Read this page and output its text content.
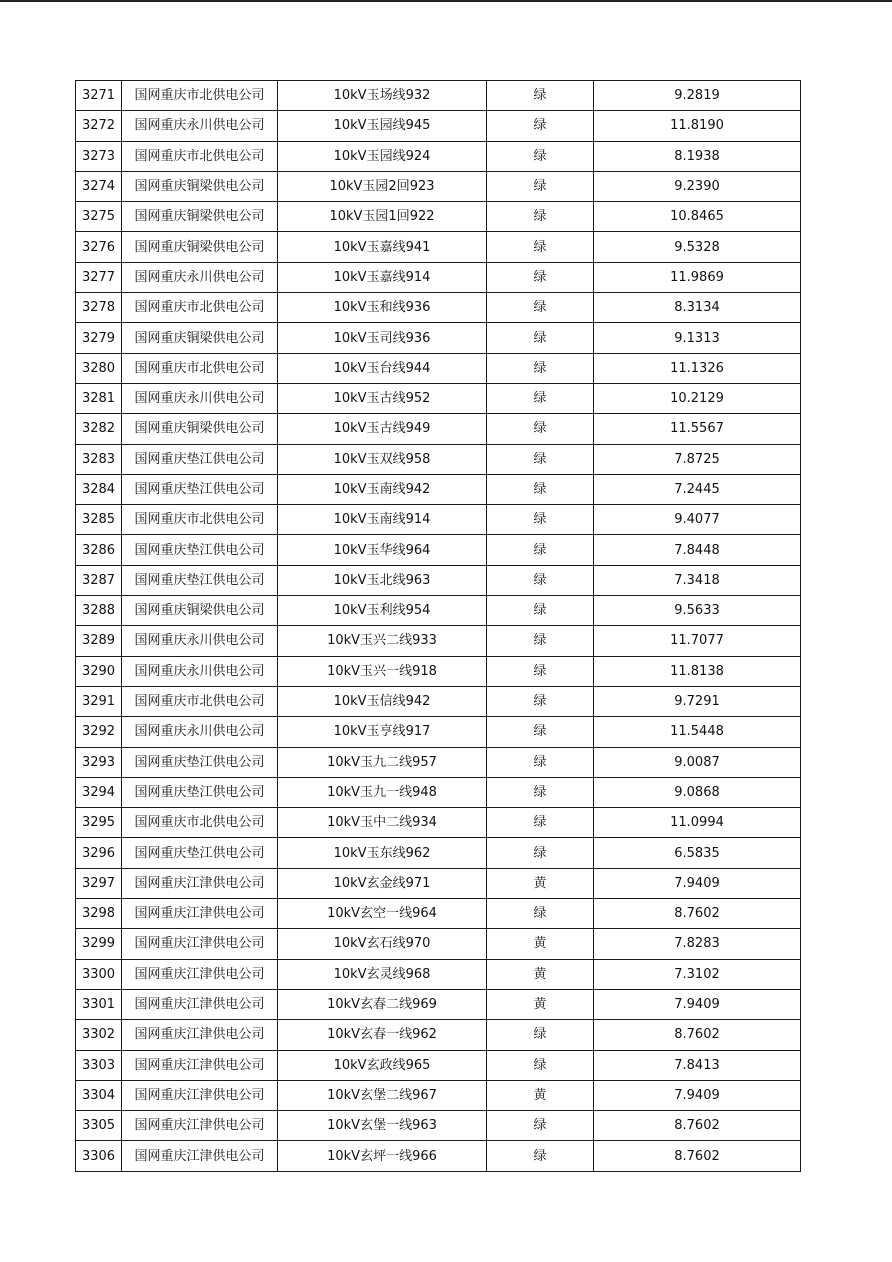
3271	国网重庆市北供电公司	10kV玉场线932	绿	9.2819
3272	国网重庆永川供电公司	10kV玉园线945	绿	11.8190
3273	国网重庆市北供电公司	10kV玉园线924	绿	8.1938
3274	国网重庆铜梁供电公司	10kV玉园2回923	绿	9.2390
3275	国网重庆铜梁供电公司	10kV玉园1回922	绿	10.8465
3276	国网重庆铜梁供电公司	10kV玉嘉线941	绿	9.5328
3277	国网重庆永川供电公司	10kV玉嘉线914	绿	11.9869
3278	国网重庆市北供电公司	10kV玉和线936	绿	8.3134
3279	国网重庆铜梁供电公司	10kV玉司线936	绿	9.1313
3280	国网重庆市北供电公司	10kV玉台线944	绿	11.1326
3281	国网重庆永川供电公司	10kV玉古线952	绿	10.2129
3282	国网重庆铜梁供电公司	10kV玉古线949	绿	11.5567
3283	国网重庆垫江供电公司	10kV玉双线958	绿	7.8725
3284	国网重庆垫江供电公司	10kV玉南线942	绿	7.2445
3285	国网重庆市北供电公司	10kV玉南线914	绿	9.4077
3286	国网重庆垫江供电公司	10kV玉华线964	绿	7.8448
3287	国网重庆垫江供电公司	10kV玉北线963	绿	7.3418
3288	国网重庆铜梁供电公司	10kV玉利线954	绿	9.5633
3289	国网重庆永川供电公司	10kV玉兴二线933	绿	11.7077
3290	国网重庆永川供电公司	10kV玉兴一线918	绿	11.8138
3291	国网重庆市北供电公司	10kV玉信线942	绿	9.7291
3292	国网重庆永川供电公司	10kV玉亨线917	绿	11.5448
3293	国网重庆垫江供电公司	10kV玉九二线957	绿	9.0087
3294	国网重庆垫江供电公司	10kV玉九一线948	绿	9.0868
3295	国网重庆市北供电公司	10kV玉中二线934	绿	11.0994
3296	国网重庆垫江供电公司	10kV玉东线962	绿	6.5835
3297	国网重庆江津供电公司	10kV玄金线971	黄	7.9409
3298	国网重庆江津供电公司	10kV玄空一线964	绿	8.7602
3299	国网重庆江津供电公司	10kV玄石线970	黄	7.8283
3300	国网重庆江津供电公司	10kV玄灵线968	黄	7.3102
3301	国网重庆江津供电公司	10kV玄春二线969	黄	7.9409
3302	国网重庆江津供电公司	10kV玄春一线962	绿	8.7602
3303	国网重庆江津供电公司	10kV玄政线965	绿	7.8413
3304	国网重庆江津供电公司	10kV玄堡二线967	黄	7.9409
3305	国网重庆江津供电公司	10kV玄堡一线963	绿	8.7602
3306	国网重庆江津供电公司	10kV玄坪一线966	绿	8.7602
